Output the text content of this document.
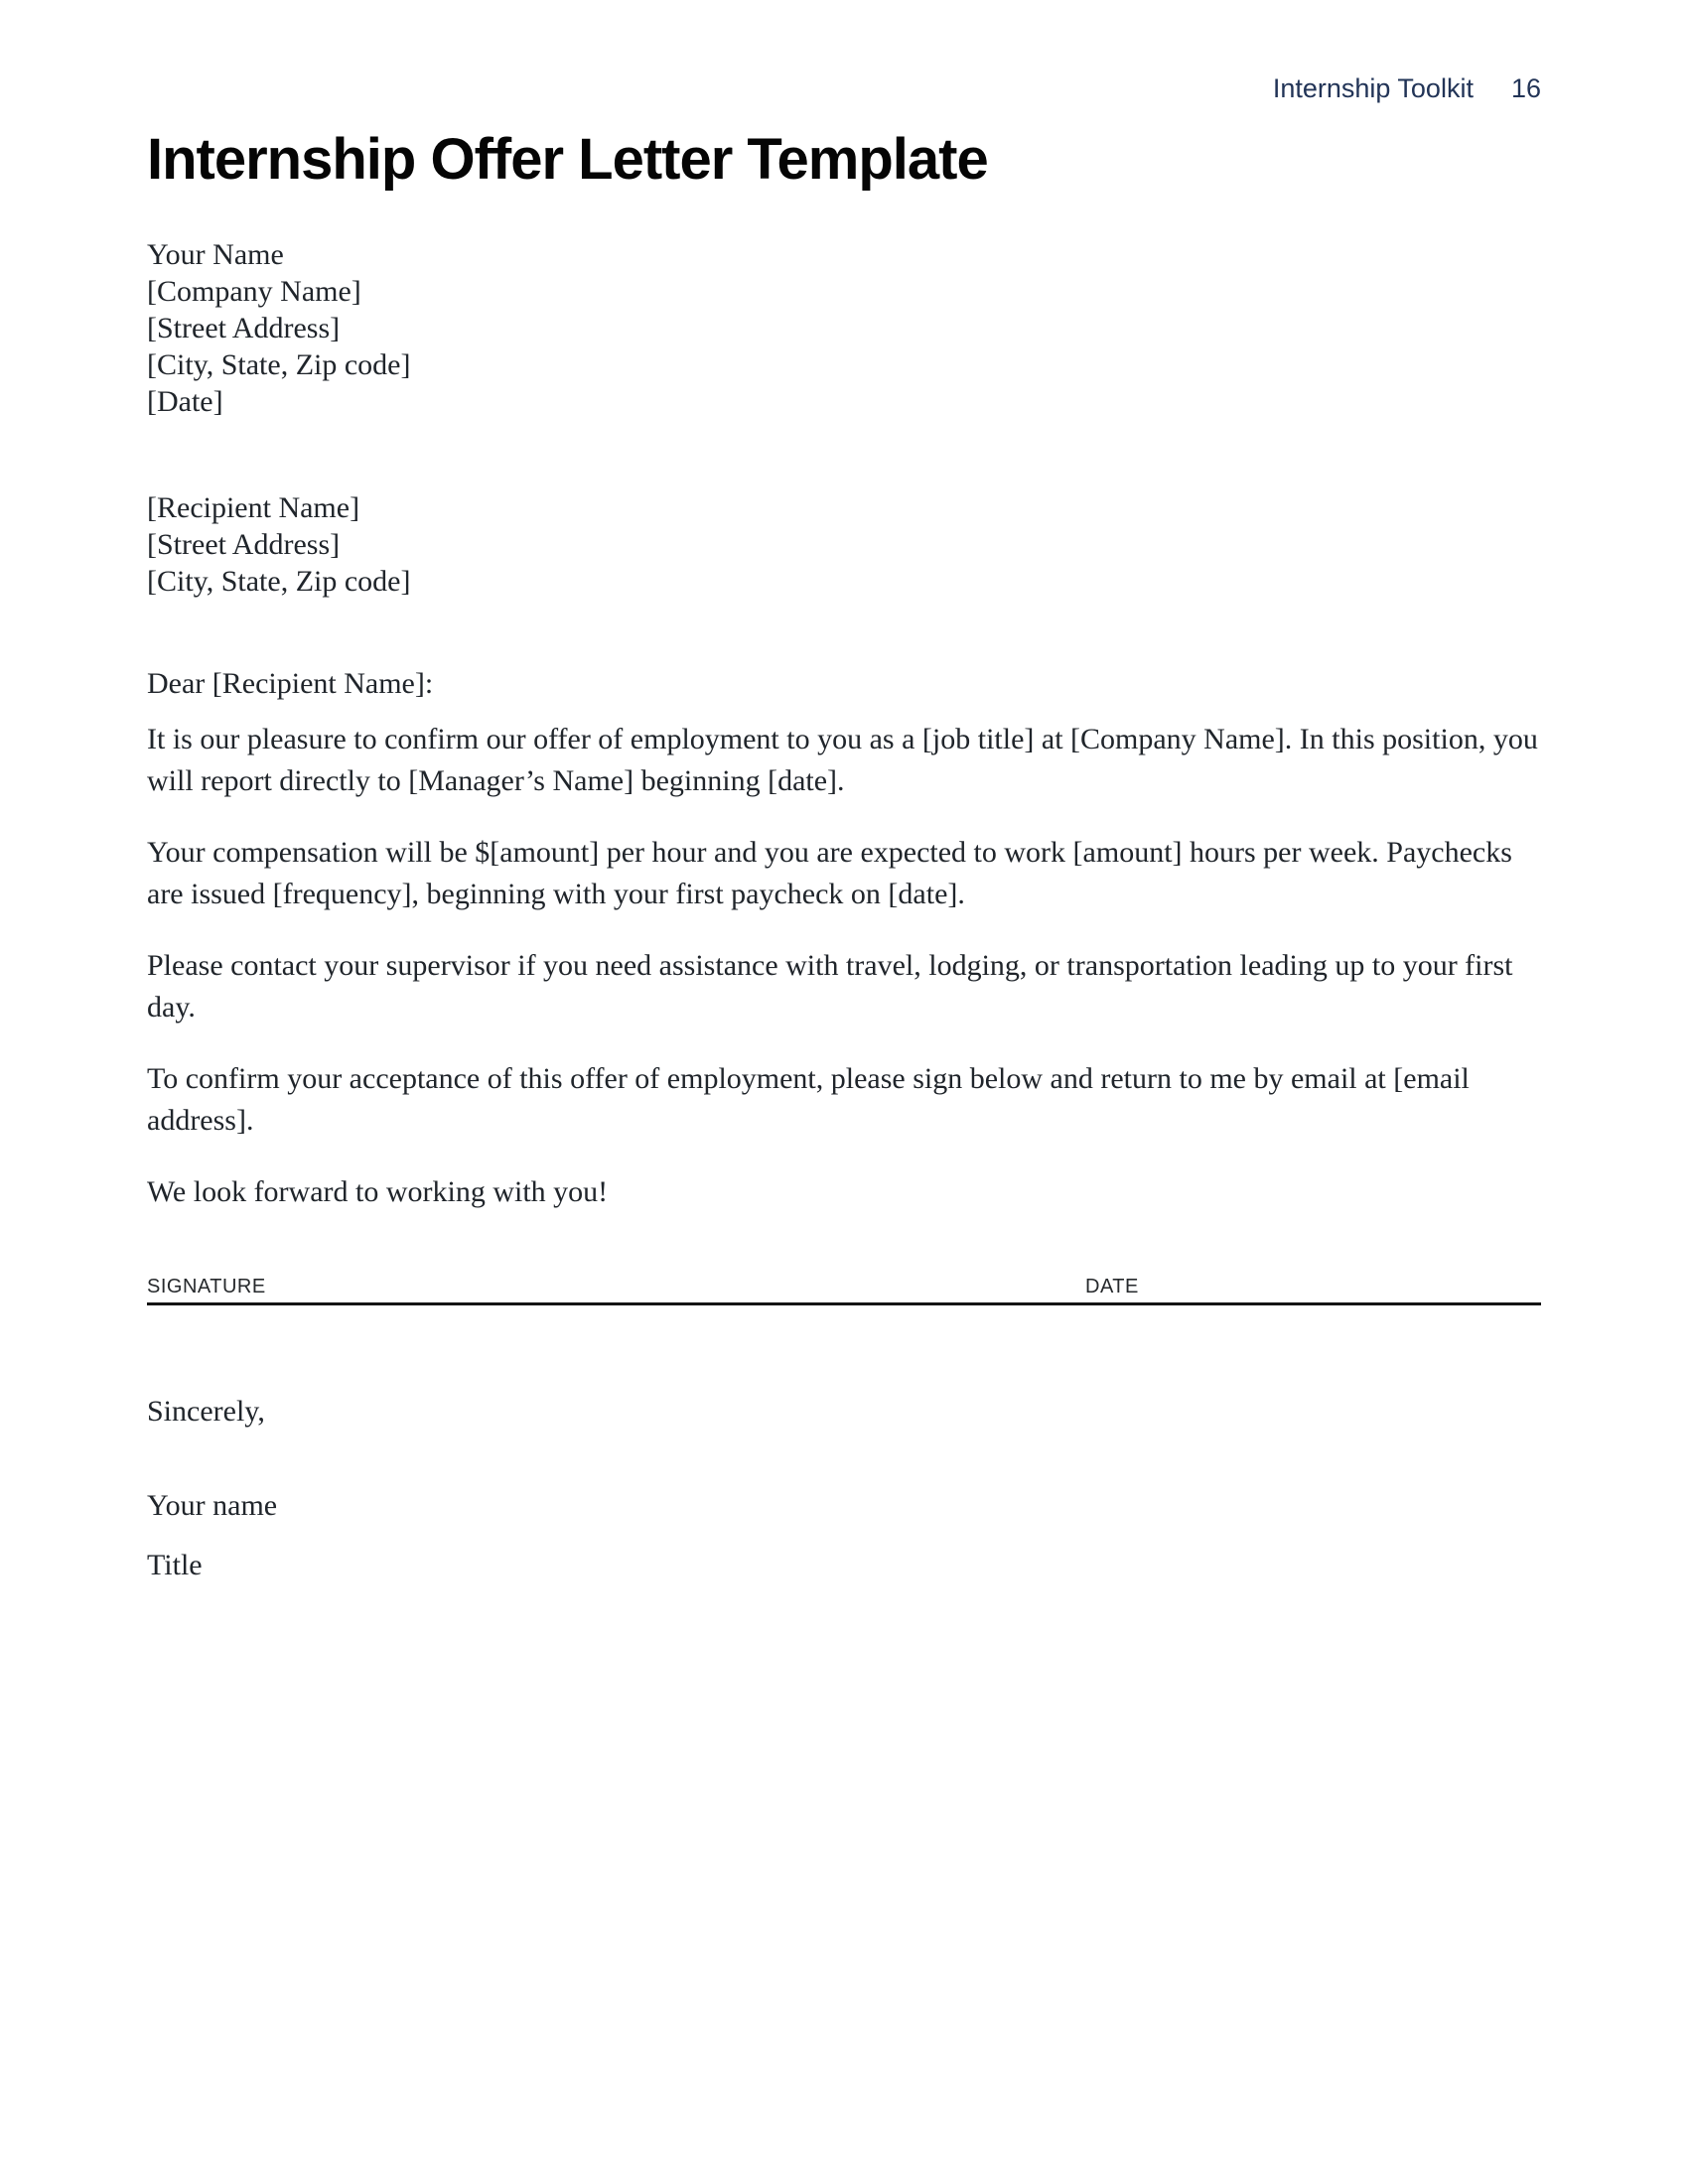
Internship Toolkit 16
Internship Offer Letter Template
Your Name
[Company Name]
[Street Address]
[City, State, Zip code]
[Date]
[Recipient Name]
[Street Address]
[City, State, Zip code]
Dear [Recipient Name]:

It is our pleasure to confirm our offer of employment to you as a [job title] at [Company Name]. In this position, you will report directly to [Manager’s Name] beginning [date].

Your compensation will be $[amount] per hour and you are expected to work [amount] hours per week. Paychecks are issued [frequency], beginning with your first paycheck on [date].

Please contact your supervisor if you need assistance with travel, lodging, or transportation leading up to your first day.

To confirm your acceptance of this offer of employment, please sign below and return to me by email at [email address].

We look forward to working with you!

SIGNATURE	DATE
Sincerely,
Your name
Title
